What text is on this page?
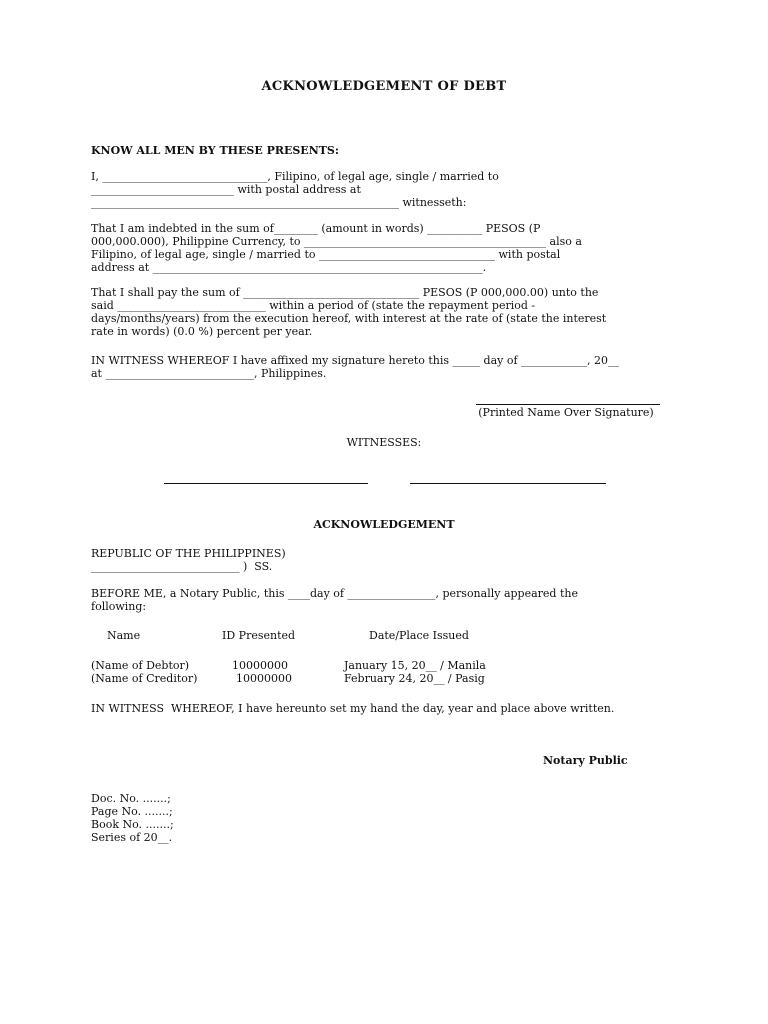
ACKNOWLEDGEMENT OF DEBT
KNOW ALL MEN BY THESE PRESENTS:
I, ______________________________, Filipino, of legal age, single / married to
__________________________ with postal address at
________________________________________________________ witnesseth:
That I am indebted in the sum of________ (amount in words) __________ PESOS (P
000,000.000), Philippine Currency, to ____________________________________________ also a
Filipino, of legal age, single / married to ________________________________ with postal
address at ____________________________________________________________.
That I shall pay the sum of ________________________________ PESOS (P 000,000.00) unto the
said ___________________________ within a period of (state the repayment period -
days/months/years) from the execution hereof, with interest at the rate of (state the interest
rate in words) (0.0 %) percent per year.
IN WITNESS WHEREOF I have affixed my signature hereto this _____ day of ____________, 20__
at ___________________________, Philippines.
(Printed Name Over Signature)
WITNESSES:
ACKNOWLEDGEMENT
REPUBLIC OF THE PHILIPPINES)
___________________________ )  SS.
BEFORE ME, a Notary Public, this ____day of ________________, personally appeared the
following:
Name	ID Presented	Date/Place Issued
(Name of Debtor)	10000000	January 15, 20__ / Manila
(Name of Creditor)	10000000	February 24, 20__ / Pasig
IN WITNESS  WHEREOF, I have hereunto set my hand the day, year and place above written.
Notary Public
Doc. No. .......;
Page No. .......;
Book No. .......;
Series of 20__.
